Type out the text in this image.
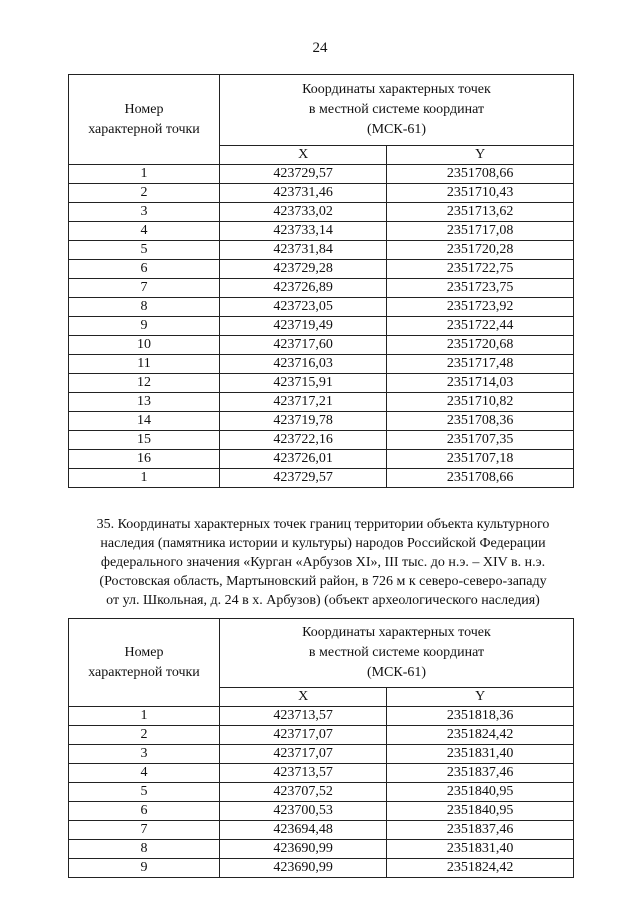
24
Номер
характерной точки	Координаты характерных точек
в местной системе координат
(МСК-61)	
	X	Y
1	423729,57	2351708,66
2	423731,46	2351710,43
3	423733,02	2351713,62
4	423733,14	2351717,08
5	423731,84	2351720,28
6	423729,28	2351722,75
7	423726,89	2351723,75
8	423723,05	2351723,92
9	423719,49	2351722,44
10	423717,60	2351720,68
11	423716,03	2351717,48
12	423715,91	2351714,03
13	423717,21	2351710,82
14	423719,78	2351708,36
15	423722,16	2351707,35
16	423726,01	2351707,18
1	423729,57	2351708,66
35. Координаты характерных точек границ территории объекта культурного
наследия (памятника истории и культуры) народов Российской Федерации
федерального значения «Курган «Арбузов XI», III тыс. до н.э. – XIV в. н.э.
(Ростовская область, Мартыновский район, в 726 м к северо-северо-западу
от ул. Школьная, д. 24 в х. Арбузов) (объект археологического наследия)
Номер
характерной точки	Координаты характерных точек
в местной системе координат
(МСК-61)	
	X	Y
1	423713,57	2351818,36
2	423717,07	2351824,42
3	423717,07	2351831,40
4	423713,57	2351837,46
5	423707,52	2351840,95
6	423700,53	2351840,95
7	423694,48	2351837,46
8	423690,99	2351831,40
9	423690,99	2351824,42
